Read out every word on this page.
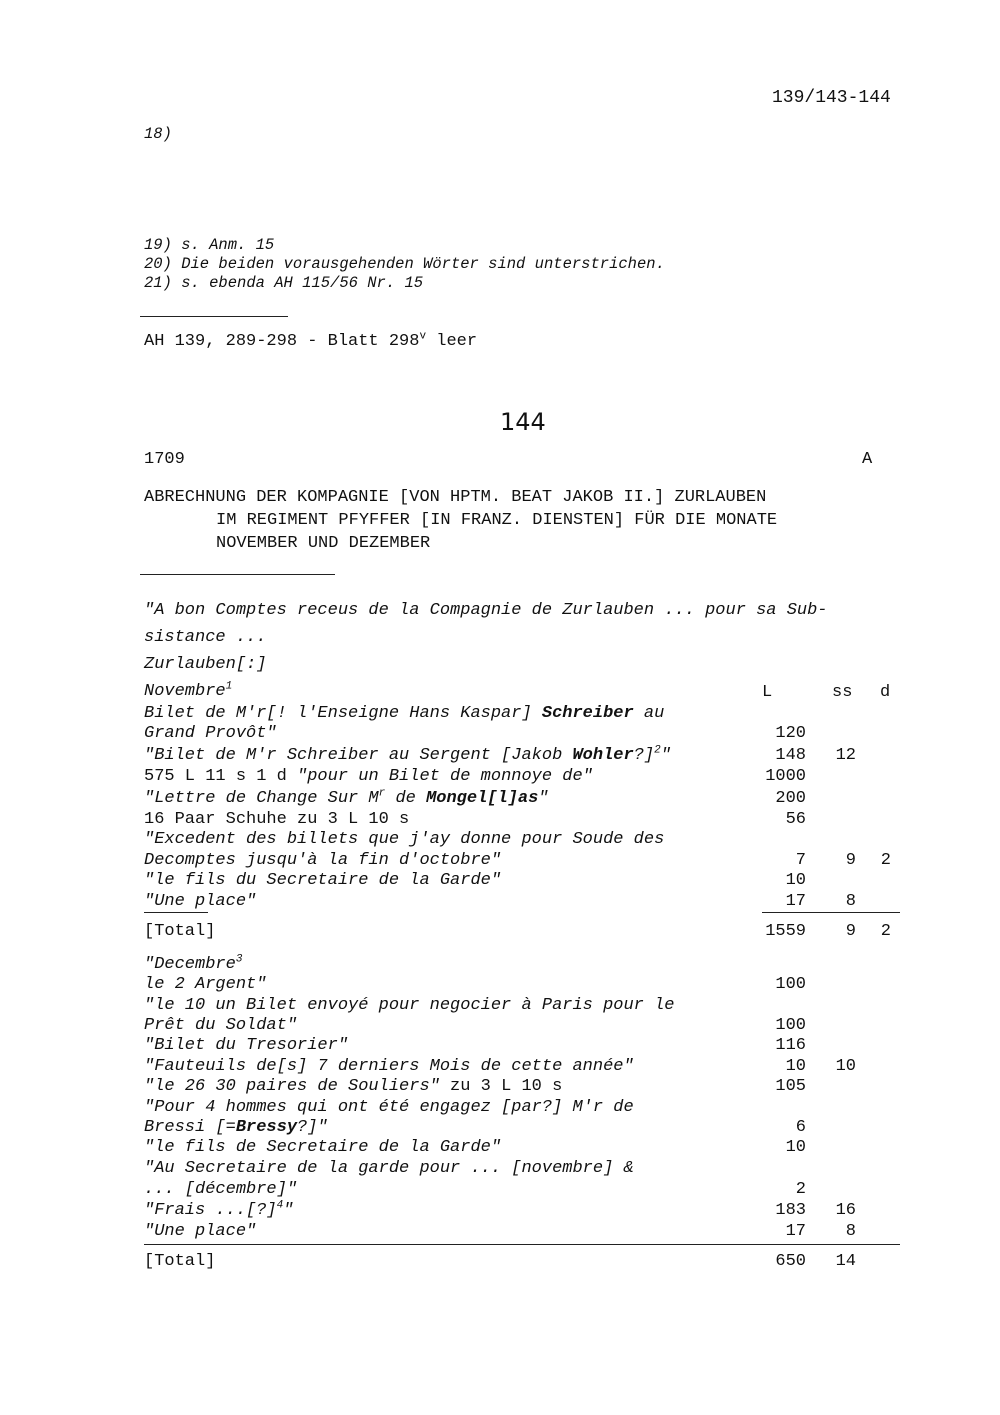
139/143-144
18)
19) s. Anm. 15
20) Die beiden vorausgehenden Wörter sind unterstrichen.
21) s. ebenda AH 115/56 Nr. 15
AH 139, 289-298 - Blatt 298$^v$ leer
144
1709	A
ABRECHNUNG DER KOMPAGNIE [VON HPTM. BEAT JAKOB II.] ZURLAUBEN
IM REGIMENT PFYFFER [IN FRANZ. DIENSTEN] FÜR DIE MONATE
NOVEMBER UND DEZEMBER
"A bon Comptes receus de la Compagnie de Zurlauben ... pour sa Sub-
sistance ...
Zurlauben[:]
Novembre$^1$	L	ss	d
Bilet de M'r[! l'Enseigne Hans Kaspar] Schreiber au
Grand Provôt"	120
"Bilet de M'r Schreiber au Sergent [Jakob Wohler?]$^2$"	148	12
575 L 11 s 1 d "pour un Bilet de monnoye de"	1000
"Lettre de Change Sur $M^r$ de Mongel[l]as"	200
16 Paar Schuhe zu 3 L 10 s	56
"Excedent des billets que j'ay donne pour Soude des
Decomptes jusqu'à la fin d'octobre"	7	9	2
"le fils du Secretaire de la Garde"	10
"Une place"	17	8
[Total]	1559	9	2
"Decembre$^3$
le 2 Argent"	100
"le 10 un Bilet envoyé pour negocier à Paris pour le
Prêt du Soldat"	100
"Bilet du Tresorier"	116
"Fauteuils de[s] 7 derniers Mois de cette année"	10	10
"le 26 30 paires de Souliers" zu 3 L 10 s	105
"Pour 4 hommes qui ont été engagez [par?] M'r de
Bressi [=Bressy?]"	6
"le fils de Secretaire de la Garde"	10
"Au Secretaire de la garde pour ... [novembre] &
... [décembre]"	2
"Frais ...[?]$^4$"	183	16
"Une place"	17	8
[Total]	650	14
